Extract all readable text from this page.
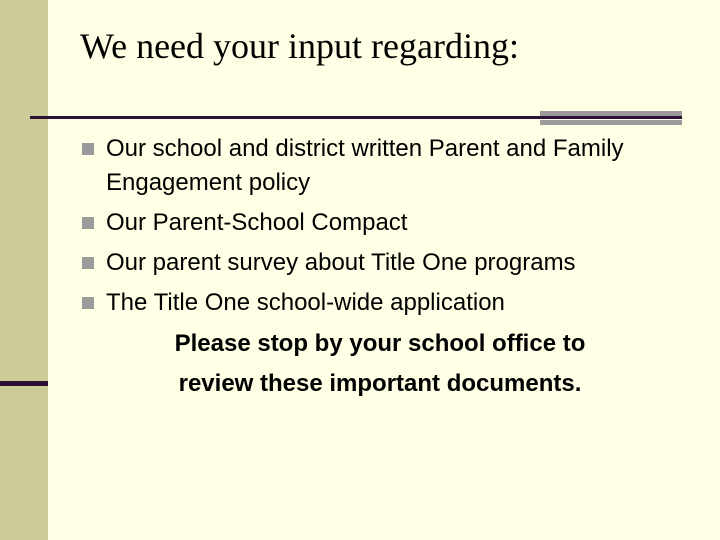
We need your input regarding:
Our school and district written Parent and Family Engagement policy
Our Parent-School Compact
Our parent survey about Title One programs
The Title One school-wide application

Please stop by your school office to
review these important documents.
